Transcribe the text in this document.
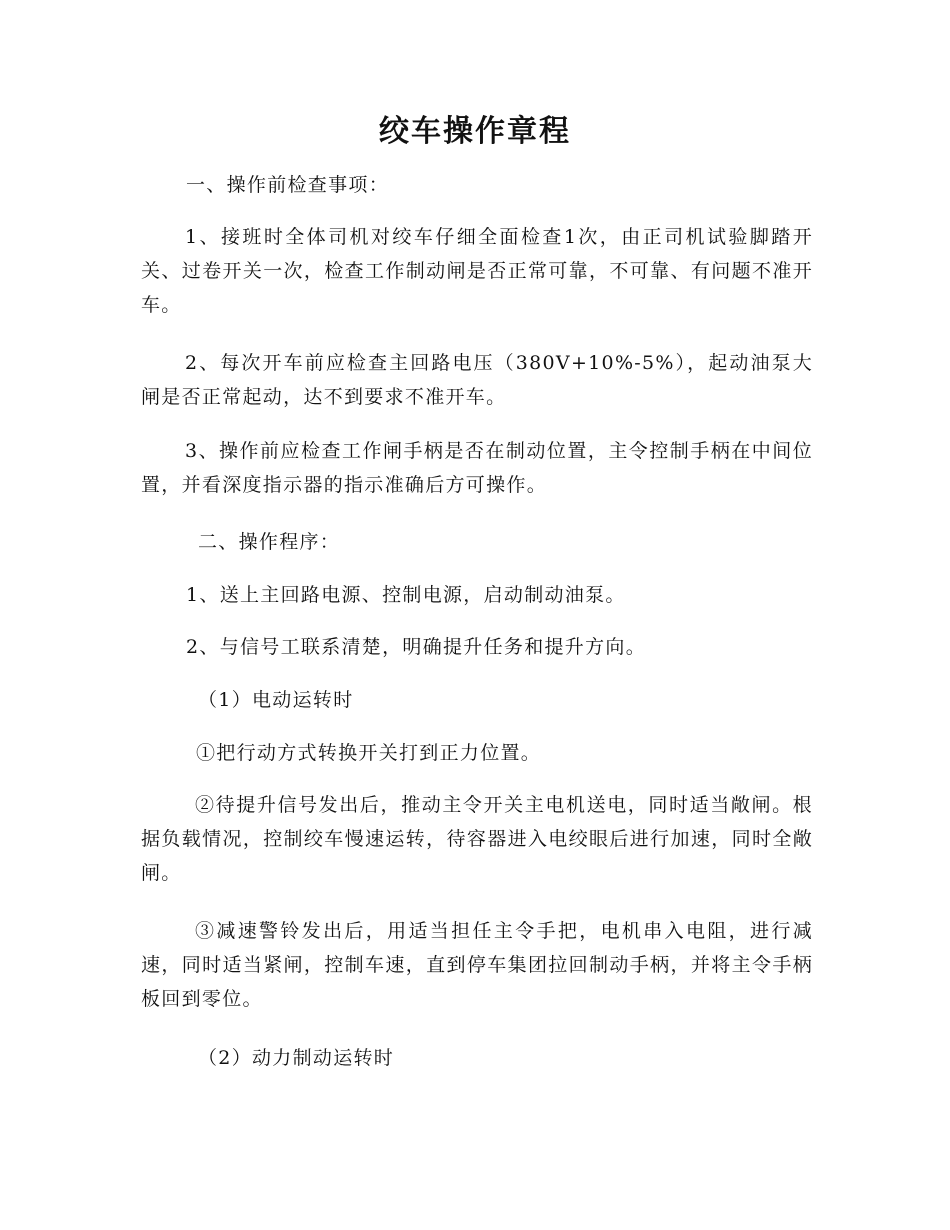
绞车操作章程

一、操作前检查事项：

1、接班时全体司机对绞车仔细全面检查1次，由正司机试验脚踏开关、过卷开关一次，检查工作制动闸是否正常可靠，不可靠、有问题不准开车。

2、每次开车前应检查主回路电压（380V+10%-5%），起动油泵大闸是否正常起动，达不到要求不准开车。

3、操作前应检查工作闸手柄是否在制动位置，主令控制手柄在中间位置，并看深度指示器的指示准确后方可操作。

二、操作程序：

1、送上主回路电源、控制电源，启动制动油泵。

2、与信号工联系清楚，明确提升任务和提升方向。

（1）电动运转时

①把行动方式转换开关打到正力位置。

②待提升信号发出后，推动主令开关主电机送电，同时适当敞闸。根据负载情况，控制绞车慢速运转，待容器进入电绞眼后进行加速，同时全敞闸。

③减速警铃发出后，用适当担任主令手把，电机串入电阻，进行减速，同时适当紧闸，控制车速，直到停车集团拉回制动手柄，并将主令手柄板回到零位。

（2）动力制动运转时
